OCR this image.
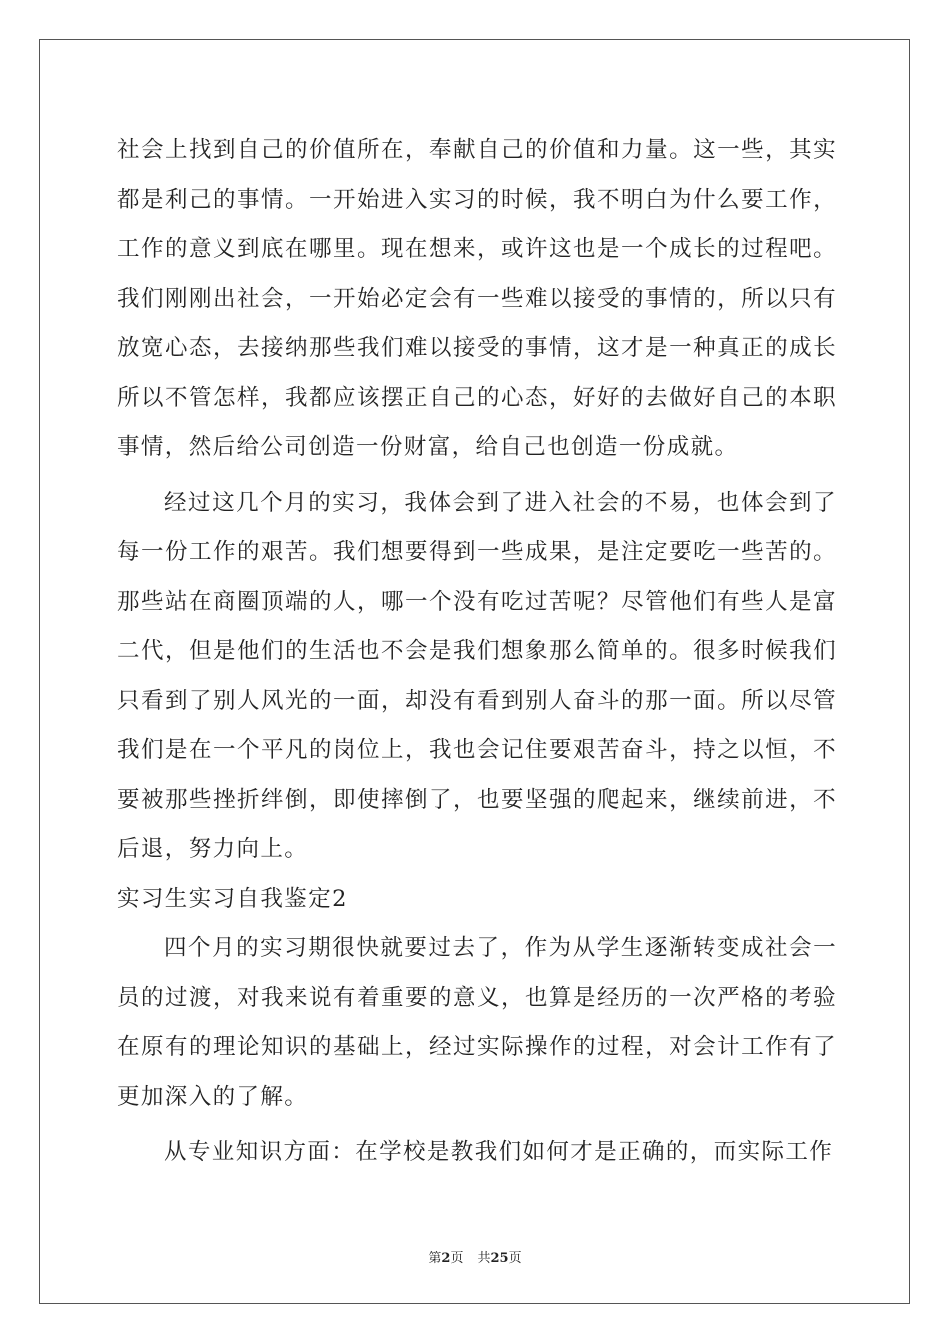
社会上找到自己的价值所在，奉献自己的价值和力量。这一些，其实都是利己的事情。一开始进入实习的时候，我不明白为什么要工作，工作的意义到底在哪里。现在想来，或许这也是一个成长的过程吧。我们刚刚出社会，一开始必定会有一些难以接受的事情的，所以只有放宽心态，去接纳那些我们难以接受的事情，这才是一种真正的成长所以不管怎样，我都应该摆正自己的心态，好好的去做好自己的本职事情，然后给公司创造一份财富，给自己也创造一份成就。

经过这几个月的实习，我体会到了进入社会的不易，也体会到了每一份工作的艰苦。我们想要得到一些成果，是注定要吃一些苦的。那些站在商圈顶端的人，哪一个没有吃过苦呢？尽管他们有些人是富二代，但是他们的生活也不会是我们想象那么简单的。很多时候我们只看到了别人风光的一面，却没有看到别人奋斗的那一面。所以尽管我们是在一个平凡的岗位上，我也会记住要艰苦奋斗，持之以恒，不要被那些挫折绊倒，即使摔倒了，也要坚强的爬起来，继续前进，不后退，努力向上。

实习生实习自我鉴定2

四个月的实习期很快就要过去了，作为从学生逐渐转变成社会一员的过渡，对我来说有着重要的意义，也算是经历的一次严格的考验在原有的理论知识的基础上，经过实际操作的过程，对会计工作有了更加深入的了解。

从专业知识方面：在学校是教我们如何才是正确的，而实际工作

第2页 共25页
